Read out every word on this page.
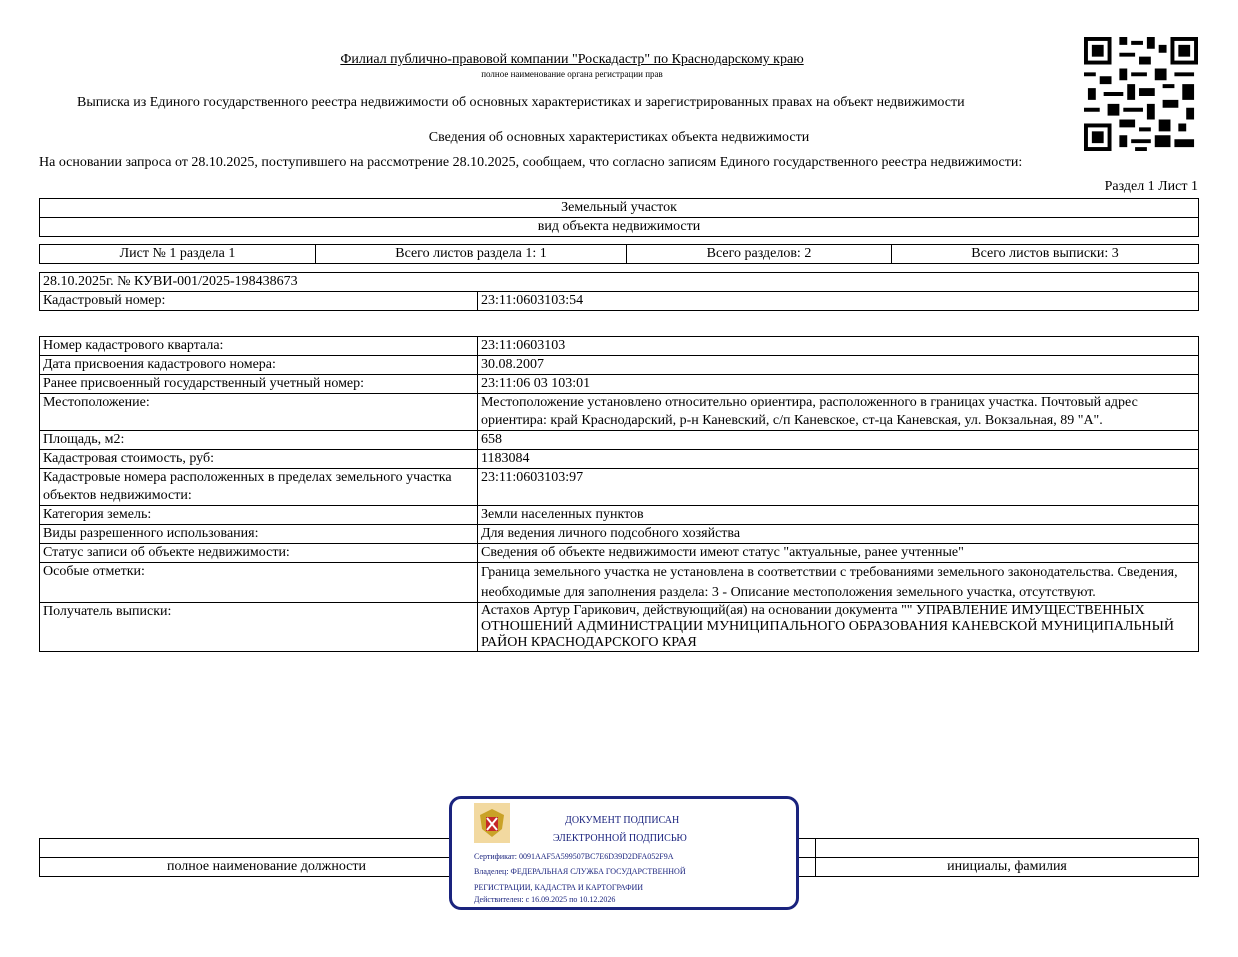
Филиал публично-правовой компании "Роскадастр" по Краснодарскому краю
полное наименование органа регистрации прав
Выписка из Единого государственного реестра недвижимости об основных характеристиках и зарегистрированных правах на объект недвижимости
Сведения об основных характеристиках объекта недвижимости
На основании запроса от 28.10.2025, поступившего на рассмотрение 28.10.2025, сообщаем, что согласно записям Единого государственного реестра недвижимости:
Раздел 1 Лист 1
Земельный участок
вид объекта недвижимости
Лист № 1 раздела 1	Всего листов раздела 1: 1	Всего разделов: 2	Всего листов выписки: 3
28.10.2025г. № КУВИ-001/2025-198438673
Кадастровый номер:	23:11:0603103:54
Номер кадастрового квартала:	23:11:0603103
Дата присвоения кадастрового номера:	30.08.2007
Ранее присвоенный государственный учетный номер:	23:11:06 03 103:01
Местоположение:	Местоположение установлено относительно ориентира, расположенного в границах участка. Почтовый адрес ориентира: край Краснодарский, р-н Каневский, с/п Каневское, ст-ца Каневская, ул. Вокзальная, 89 "А".
Площадь, м2:	658
Кадастровая стоимость, руб:	1183084
Кадастровые номера расположенных в пределах земельного участка объектов недвижимости:	23:11:0603103:97
Категория земель:	Земли населенных пунктов
Виды разрешенного использования:	Для ведения личного подсобного хозяйства
Статус записи об объекте недвижимости:	Сведения об объекте недвижимости имеют статус "актуальные, ранее учтенные"
Особые отметки:	Граница земельного участка не установлена в соответствии с требованиями земельного законодательства. Сведения, необходимые для заполнения раздела: 3 - Описание местоположения земельного участка, отсутствуют.
Получатель выписки:	Астахов Артур Гарикович, действующий(ая) на основании документа "" УПРАВЛЕНИЕ ИМУЩЕСТВЕННЫХ ОТНОШЕНИЙ АДМИНИСТРАЦИИ МУНИЦИПАЛЬНОГО ОБРАЗОВАНИЯ КАНЕВСКОЙ МУНИЦИПАЛЬНЫЙ РАЙОН КРАСНОДАРСКОГО КРАЯ

полное наименование должности		инициалы, фамилия
ДОКУМЕНТ ПОДПИСАН
ЭЛЕКТРОННОЙ ПОДПИСЬЮ
Сертификат: 0091AAF5A599507BC7E6D39D2DFA052F9A
Владелец: ФЕДЕРАЛЬНАЯ СЛУЖБА ГОСУДАРСТВЕННОЙ
РЕГИСТРАЦИИ, КАДАСТРА И КАРТОГРАФИИ
Действителен: с 16.09.2025 по 10.12.2026
